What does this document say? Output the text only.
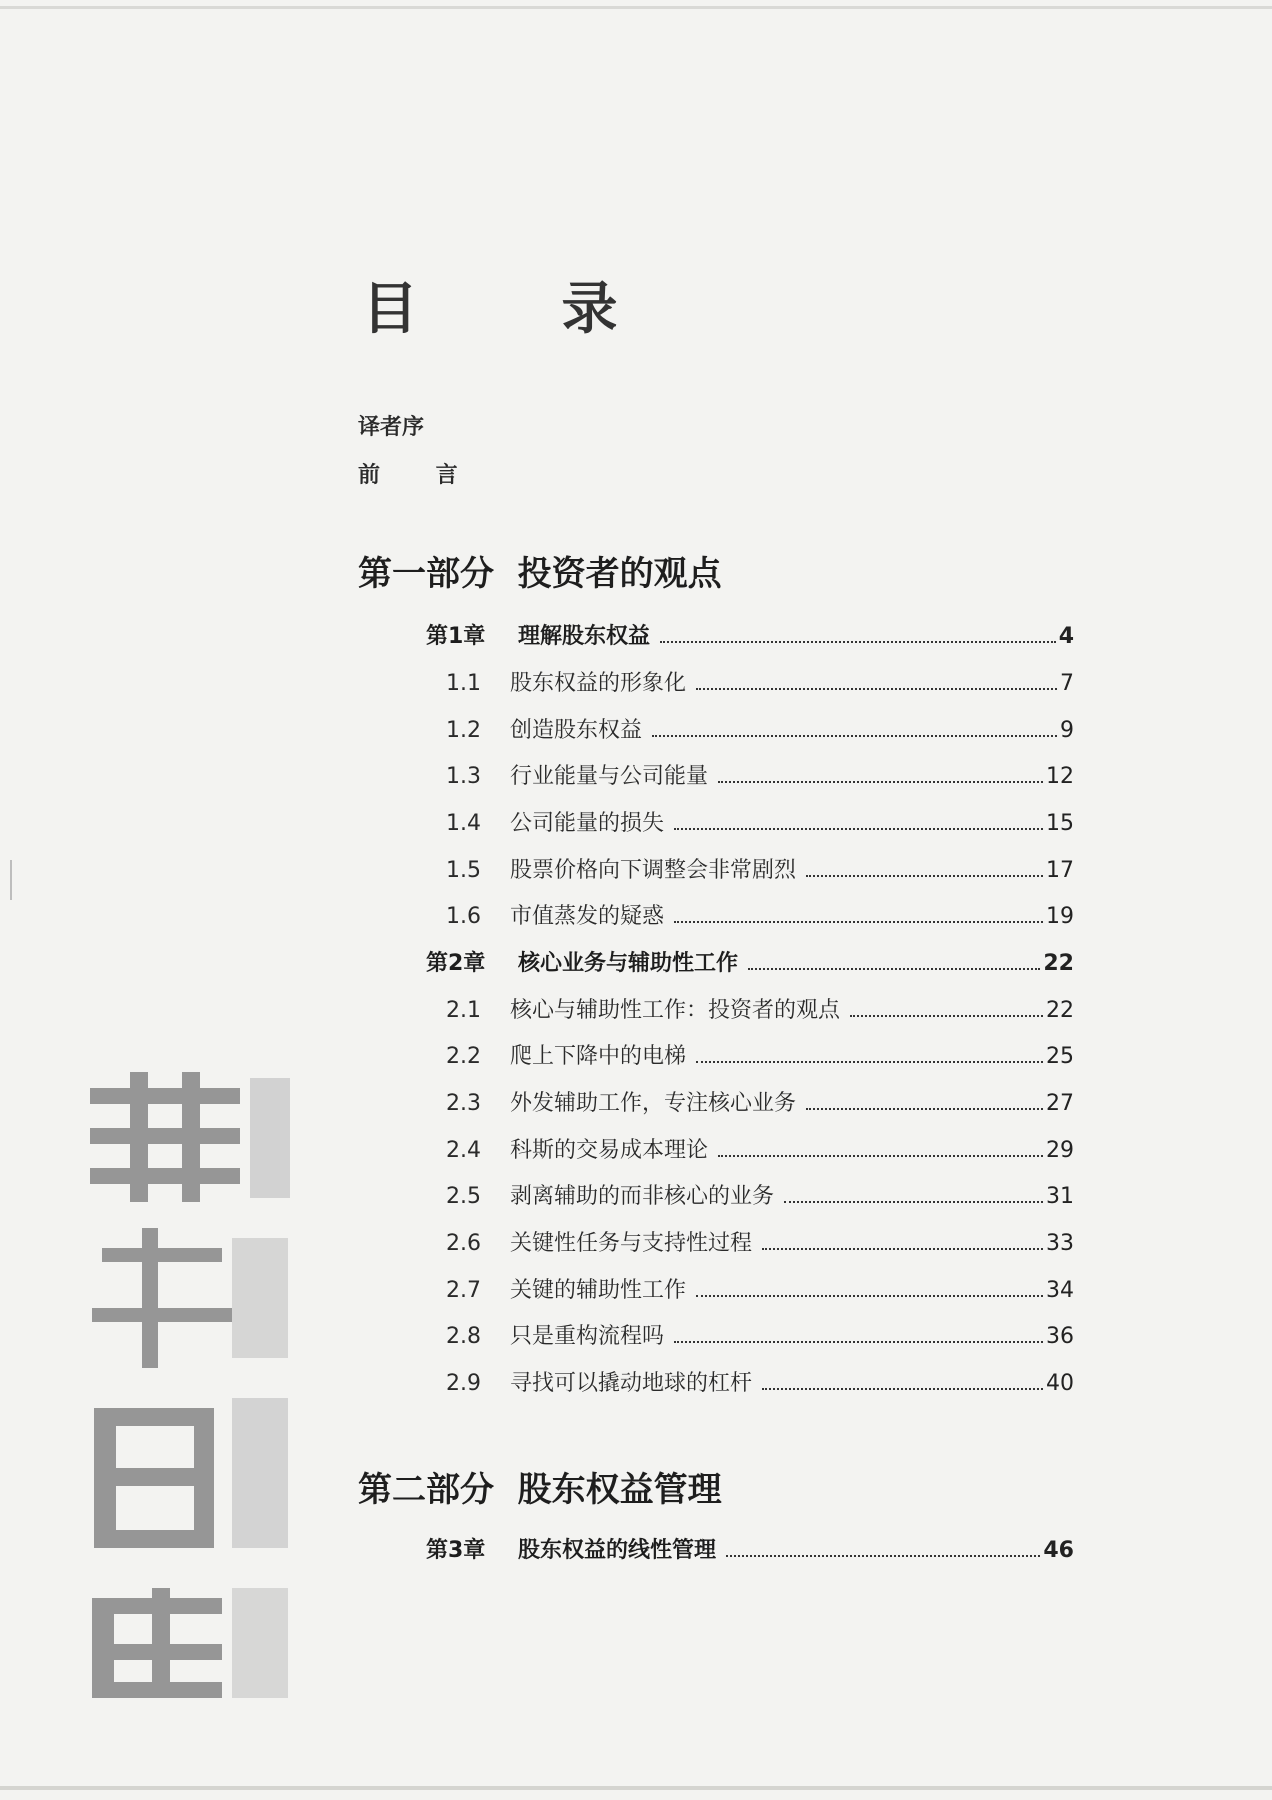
目 录
译者序
前 言
第一部分  投资者的观点
第1章	理解股东权益	4
1.1	股东权益的形象化	7
1.2	创造股东权益	9
1.3	行业能量与公司能量	12
1.4	公司能量的损失	15
1.5	股票价格向下调整会非常剧烈	17
1.6	市值蒸发的疑惑	19
第2章	核心业务与辅助性工作	22
2.1	核心与辅助性工作：投资者的观点	22
2.2	爬上下降中的电梯	25
2.3	外发辅助工作，专注核心业务	27
2.4	科斯的交易成本理论	29
2.5	剥离辅助的而非核心的业务	31
2.6	关键性任务与支持性过程	33
2.7	关键的辅助性工作	34
2.8	只是重构流程吗	36
2.9	寻找可以撬动地球的杠杆	40
第二部分  股东权益管理
第3章	股东权益的线性管理	46
